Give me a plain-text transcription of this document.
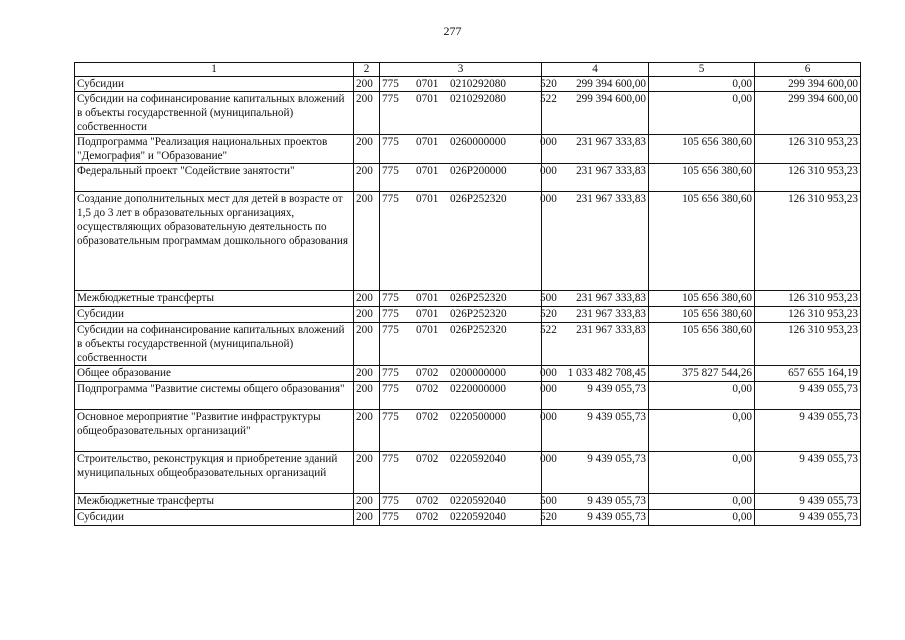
277
1	2	3	4	5	6
Субсидии	200	775 0701 0210292080 520	299 394 600,00	0,00	299 394 600,00
Субсидии на софинансирование капитальных вложений в объекты государственной (муниципальной) собственности	200	775 0701 0210292080 522	299 394 600,00	0,00	299 394 600,00
Подпрограмма "Реализация национальных проектов "Демография" и "Образование"	200	775 0701 0260000000 000	231 967 333,83	105 656 380,60	126 310 953,23
Федеральный проект "Содействие занятости"	200	775 0701 026P200000 000	231 967 333,83	105 656 380,60	126 310 953,23
Создание дополнительных мест для детей в возрасте от 1,5 до 3 лет в образовательных организациях, осуществляющих образовательную деятельность по образовательным программам дошкольного образования	200	775 0701 026P252320 000	231 967 333,83	105 656 380,60	126 310 953,23
Межбюджетные трансферты	200	775 0701 026P252320 500	231 967 333,83	105 656 380,60	126 310 953,23
Субсидии	200	775 0701 026P252320 520	231 967 333,83	105 656 380,60	126 310 953,23
Субсидии на софинансирование капитальных вложений в объекты государственной (муниципальной) собственности	200	775 0701 026P252320 522	231 967 333,83	105 656 380,60	126 310 953,23
Общее образование	200	775 0702 0200000000 000	1 033 482 708,45	375 827 544,26	657 655 164,19
Подпрограмма "Развитие системы общего образования"	200	775 0702 0220000000 000	9 439 055,73	0,00	9 439 055,73
Основное мероприятие "Развитие инфраструктуры общеобразовательных организаций"	200	775 0702 0220500000 000	9 439 055,73	0,00	9 439 055,73
Строительство, реконструкция и приобретение зданий муниципальных общеобразовательных организаций	200	775 0702 0220592040 000	9 439 055,73	0,00	9 439 055,73
Межбюджетные трансферты	200	775 0702 0220592040 500	9 439 055,73	0,00	9 439 055,73
Субсидии	200	775 0702 0220592040 520	9 439 055,73	0,00	9 439 055,73
